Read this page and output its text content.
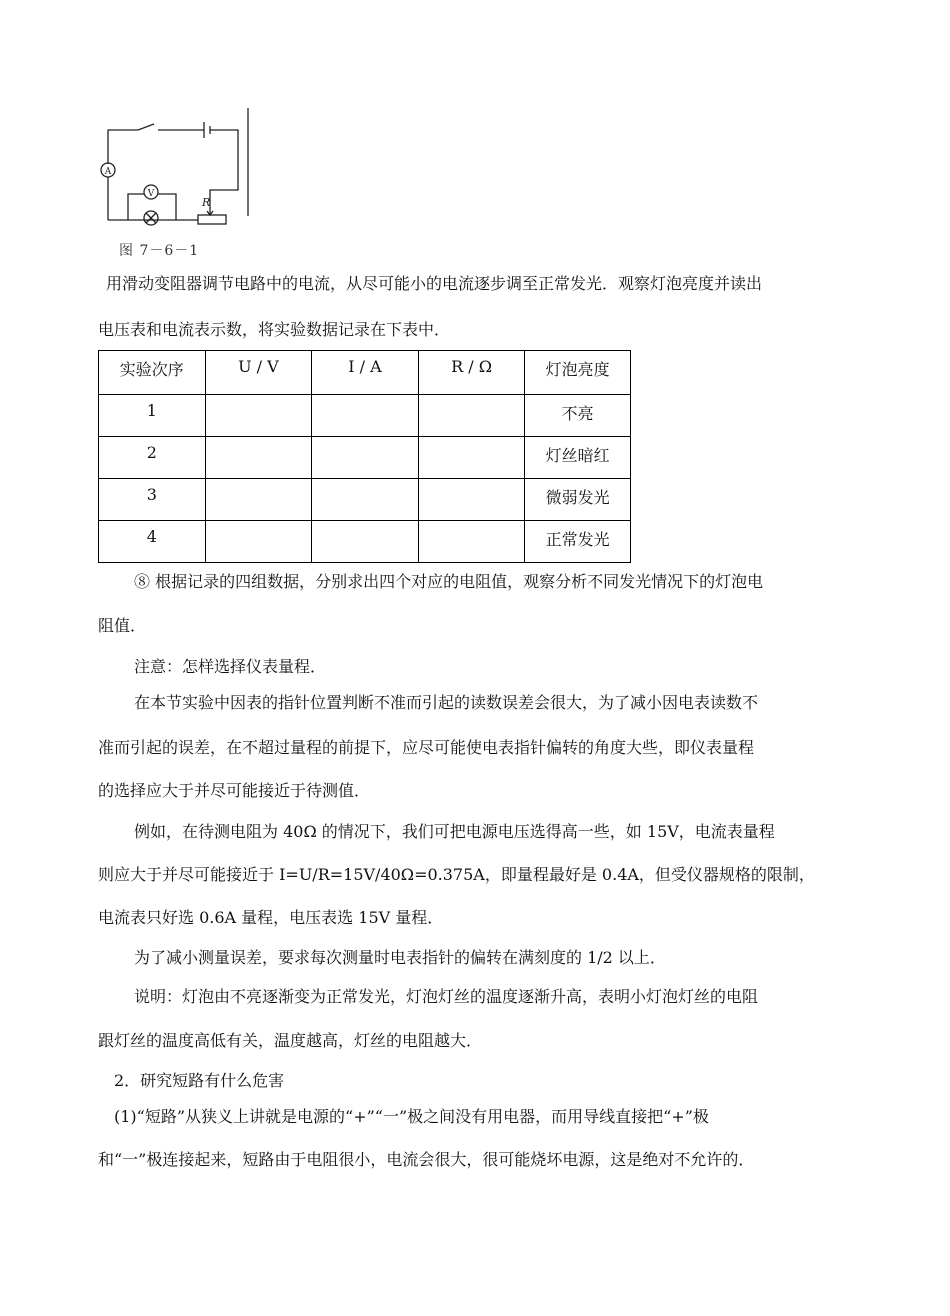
A
V
R
图 7－6－1
用滑动变阻器调节电路中的电流，从尽可能小的电流逐步调至正常发光．观察灯泡亮度并读出
电压表和电流表示数，将实验数据记录在下表中．
实验次序	U / V	I / A	R / Ω	灯泡亮度

1				不亮

2				灯丝暗红

3				微弱发光

4				正常发光
⑧ 根据记录的四组数据，分别求出四个对应的电阻值，观察分析不同发光情况下的灯泡电
阻值．
注意：怎样选择仪表量程．
在本节实验中因表的指针位置判断不准而引起的读数误差会很大，为了减小因电表读数不
准而引起的误差，在不超过量程的前提下，应尽可能使电表指针偏转的角度大些，即仪表量程
的选择应大于并尽可能接近于待测值．
例如，在待测电阻为 40Ω 的情况下，我们可把电源电压选得高一些，如 15V，电流表量程
则应大于并尽可能接近于 I=U/R=15V/40Ω=0.375A，即量程最好是 0.4A，但受仪器规格的限制，
电流表只好选 0.6A 量程，电压表选 15V 量程．
为了减小测量误差，要求每次测量时电表指针的偏转在满刻度的 1/2 以上．
说明：灯泡由不亮逐渐变为正常发光，灯泡灯丝的温度逐渐升高，表明小灯泡灯丝的电阻
跟灯丝的温度高低有关，温度越高，灯丝的电阻越大．
2．研究短路有什么危害
(1)“短路”从狭义上讲就是电源的“+”“一”极之间没有用电器，而用导线直接把“+”极
和“一”极连接起来，短路由于电阻很小，电流会很大，很可能烧坏电源，这是绝对不允许的．
